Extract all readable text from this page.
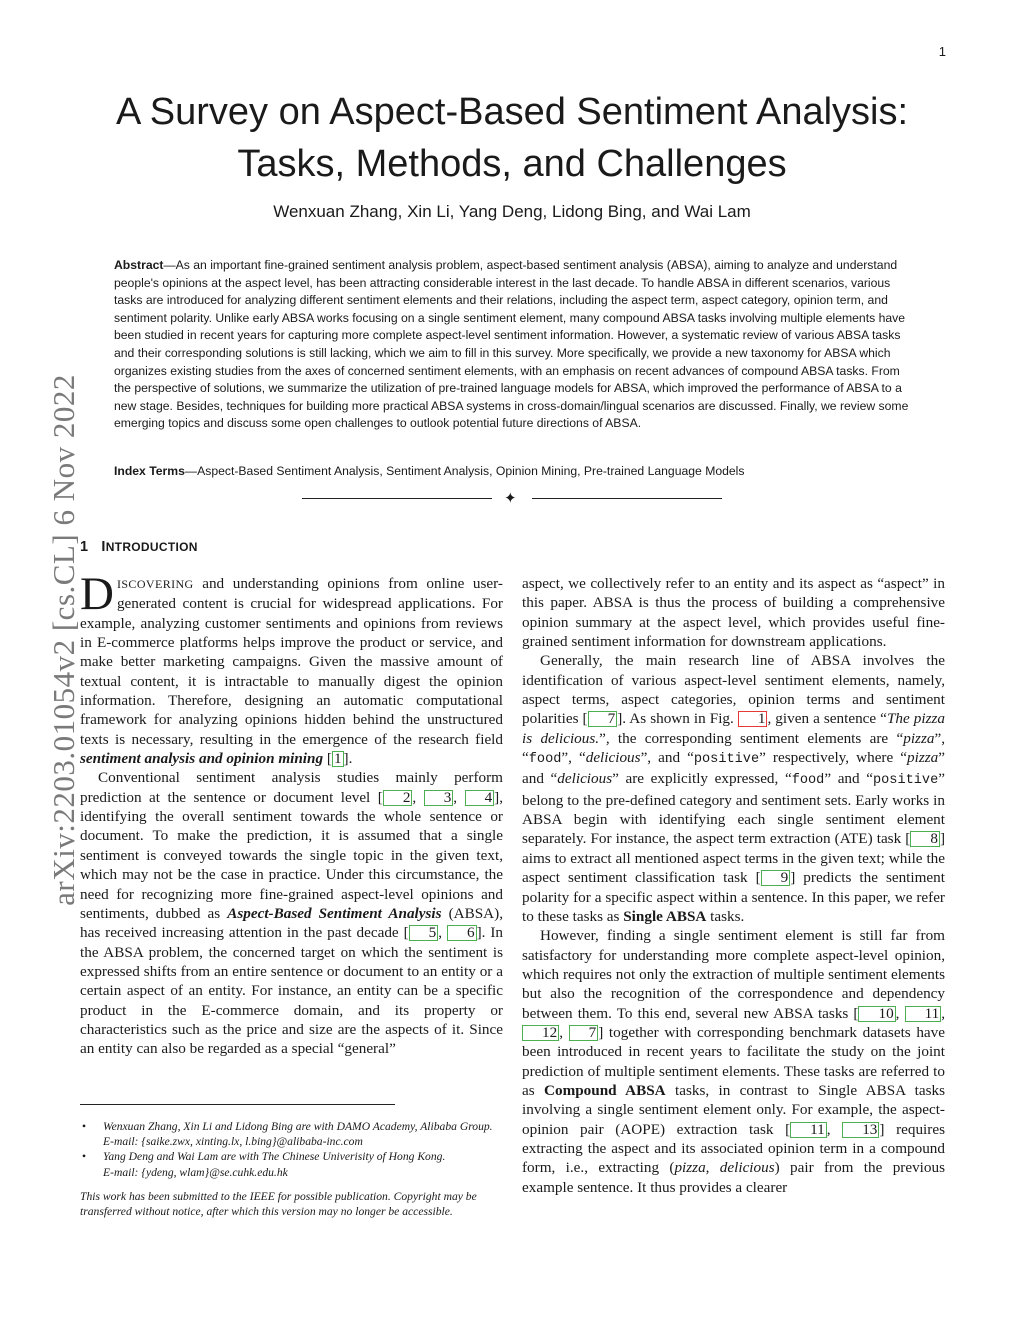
1
A Survey on Aspect-Based Sentiment Analysis:
Tasks, Methods, and Challenges
Wenxuan Zhang, Xin Li, Yang Deng, Lidong Bing, and Wai Lam
Abstract—As an important fine-grained sentiment analysis problem, aspect-based sentiment analysis (ABSA), aiming to analyze and understand people's opinions at the aspect level, has been attracting considerable interest in the last decade. To handle ABSA in different scenarios, various tasks are introduced for analyzing different sentiment elements and their relations, including the aspect term, aspect category, opinion term, and sentiment polarity. Unlike early ABSA works focusing on a single sentiment element, many compound ABSA tasks involving multiple elements have been studied in recent years for capturing more complete aspect-level sentiment information. However, a systematic review of various ABSA tasks and their corresponding solutions is still lacking, which we aim to fill in this survey. More specifically, we provide a new taxonomy for ABSA which organizes existing studies from the axes of concerned sentiment elements, with an emphasis on recent advances of compound ABSA tasks. From the perspective of solutions, we summarize the utilization of pre-trained language models for ABSA, which improved the performance of ABSA to a new stage. Besides, techniques for building more practical ABSA systems in cross-domain/lingual scenarios are discussed. Finally, we review some emerging topics and discuss some open challenges to outlook potential future directions of ABSA.
Index Terms—Aspect-Based Sentiment Analysis, Sentiment Analysis, Opinion Mining, Pre-trained Language Models
✦
arXiv:2203.01054v2 [cs.CL] 6 Nov 2022 1 INTRODUCTION

DISCOVERING and understanding opinions from online user-generated content is crucial for widespread applications. For example, analyzing customer sentiments and opinions from reviews in E-commerce platforms helps improve the product or service, and make better marketing campaigns. Given the massive amount of textual content, it is intractable to manually digest the opinion information. Therefore, designing an automatic computational framework for analyzing opinions hidden behind the unstructured texts is necessary, resulting in the emergence of the research field sentiment analysis and opinion mining [ 1 ].

Conventional sentiment analysis studies mainly perform prediction at the sentence or document level [ 2 , 3 , 4 ], identifying the overall sentiment towards the whole sentence or document. To make the prediction, it is assumed that a single sentiment is conveyed towards the single topic in the given text, which may not be the case in practice. Under this circumstance, the need for recognizing more fine-grained aspect-level opinions and sentiments, dubbed as Aspect-Based Sentiment Analysis (ABSA), has received increasing attention in the past decade [ 5 , 6 ]. In the ABSA problem, the concerned target on which the sentiment is expressed shifts from an entire sentence or document to an entity or a certain aspect of an entity. For instance, an entity can be a specific product in the E-commerce domain, and its property or characteristics such as the price and size are the aspects of it. Since an entity can also be regarded as a special “general”

aspect, we collectively refer to an entity and its aspect as “aspect” in this paper. ABSA is thus the process of building a comprehensive opinion summary at the aspect level, which provides useful fine-grained sentiment information for downstream applications.

Generally, the main research line of ABSA involves the identification of various aspect-level sentiment elements, namely, aspect terms, aspect categories, opinion terms and sentiment polarities [ 7 ]. As shown in Fig. 1 , given a sentence “The pizza is delicious.”, the corresponding sentiment elements are “pizza”, “food”, “delicious”, and “positive” respectively, where “pizza” and “delicious” are explicitly expressed, “food” and “positive” belong to the pre-defined category and sentiment sets. Early works in ABSA begin with identifying each single sentiment element separately. For instance, the aspect term extraction (ATE) task [ 8 ] aims to extract all mentioned aspect terms in the given text; while the aspect sentiment classification task [ 9 ] predicts the sentiment polarity for a specific aspect within a sentence. In this paper, we refer to these tasks as Single ABSA tasks.

However, finding a single sentiment element is still far from satisfactory for understanding more complete aspect-level opinion, which requires not only the extraction of multiple sentiment elements but also the recognition of the correspondence and dependency between them. To this end, several new ABSA tasks [ 10 , 11 , 12 , 7 ] together with corresponding benchmark datasets have been introduced in recent years to facilitate the study on the joint prediction of multiple sentiment elements. These tasks are referred to as Compound ABSA tasks, in contrast to Single ABSA tasks involving a single sentiment element only. For example, the aspect-opinion pair (AOPE) extraction task [ 11 , 13 ] requires extracting the aspect and its associated opinion term in a compound form, i.e., extracting (pizza, delicious) pair from the previous example sentence. It thus provides a clearer

• Wenxuan Zhang, Xin Li and Lidong Bing are with DAMO Academy, Alibaba Group.
E-mail: {saike.zwx, xinting.lx, l.bing}@alibaba-inc.com
• Yang Deng and Wai Lam are with The Chinese Univerisity of Hong Kong.
E-mail: {ydeng, wlam}@se.cuhk.edu.hk
This work has been submitted to the IEEE for possible publication. Copyright may be transferred without notice, after which this version may no longer be accessible.
